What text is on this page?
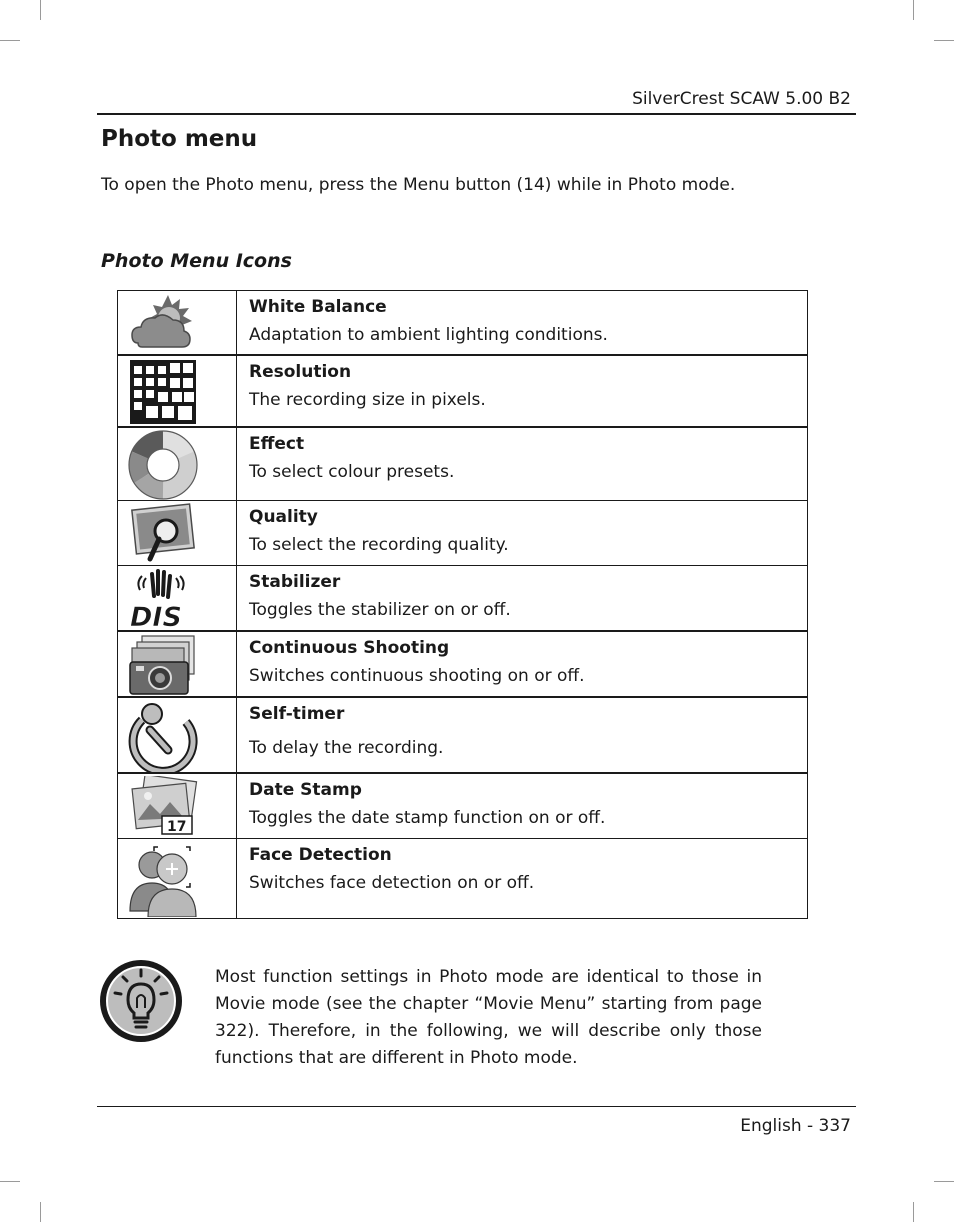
SilverCrest SCAW 5.00 B2
Photo menu

To open the Photo menu, press the Menu button (14) while in Photo mode.

Photo Menu Icons

White Balance
Adaptation to ambient lighting conditions.

Resolution
The recording size in pixels.

Effect
To select colour presets.

Quality
To select the recording quality.

DIS	Stabilizer
Toggles the stabilizer on or off.

Continuous Shooting
Switches continuous shooting on or off.

Self-timer
To delay the recording.

17	Date Stamp
Toggles the date stamp function on or off.

Face Detection
Switches face detection on or off.

Most function settings in Photo mode are identical to those in Movie mode (see the chapter “Movie Menu” starting from page 322). Therefore, in the following, we will describe only those functions that are different in Photo mode.

English - 337
